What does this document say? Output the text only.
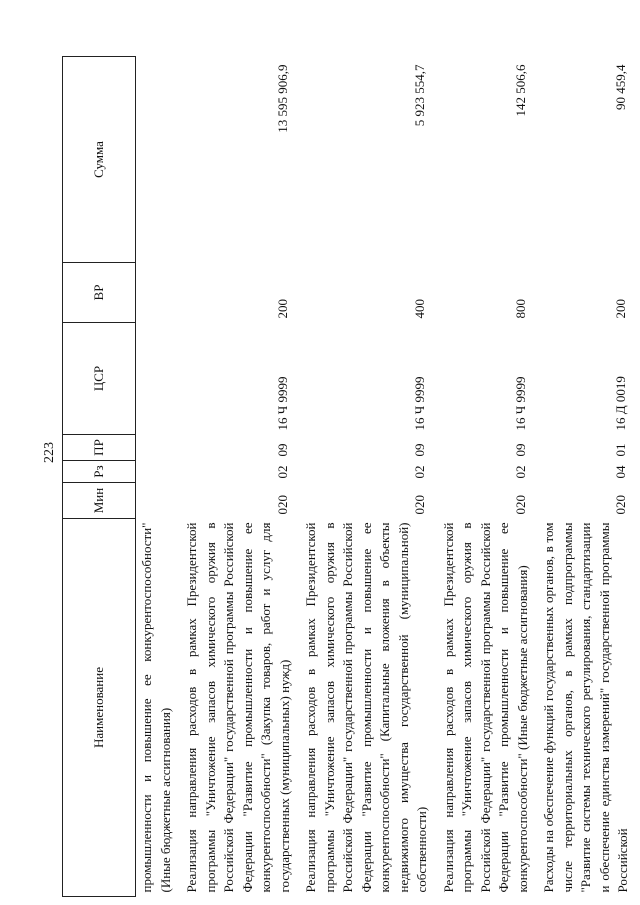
223
Наименование	Мин	Рз	ПР	ЦСР	ВР	Сумма
промышленности и повышение ее конкурентоспособности" (Иные бюджетные ассигнования)						
Реализация направления расходов в рамках Президентской программы "Уничтожение запасов химического оружия в Российской Федерации" государственной программы Российской Федерации "Развитие промышленности и повышение ее конкурентоспособности" (Закупка товаров, работ и услуг для государственных (муниципальных) нужд)	020	02	09	16 Ч 9999	200	13 595 906,9
Реализация направления расходов в рамках Президентской программы "Уничтожение запасов химического оружия в Российской Федерации" государственной программы Российской Федерации "Развитие промышленности и повышение ее конкурентоспособности" (Капитальные вложения в объекты недвижимого имущества государственной (муниципальной) собственности)	020	02	09	16 Ч 9999	400	5 923 554,7
Реализация направления расходов в рамках Президентской программы "Уничтожение запасов химического оружия в Российской Федерации" государственной программы Российской Федерации "Развитие промышленности и повышение ее конкурентоспособности" (Иные бюджетные ассигнования)	020	02	09	16 Ч 9999	800	142 506,6
Расходы на обеспечение функций государственных органов, в том числе территориальных органов, в рамках подпрограммы "Развитие системы технического регулирования, стандартизации и обеспечение единства измерений" государственной программы Российской	020	04	01	16 Д 0019	200	90 459,4
